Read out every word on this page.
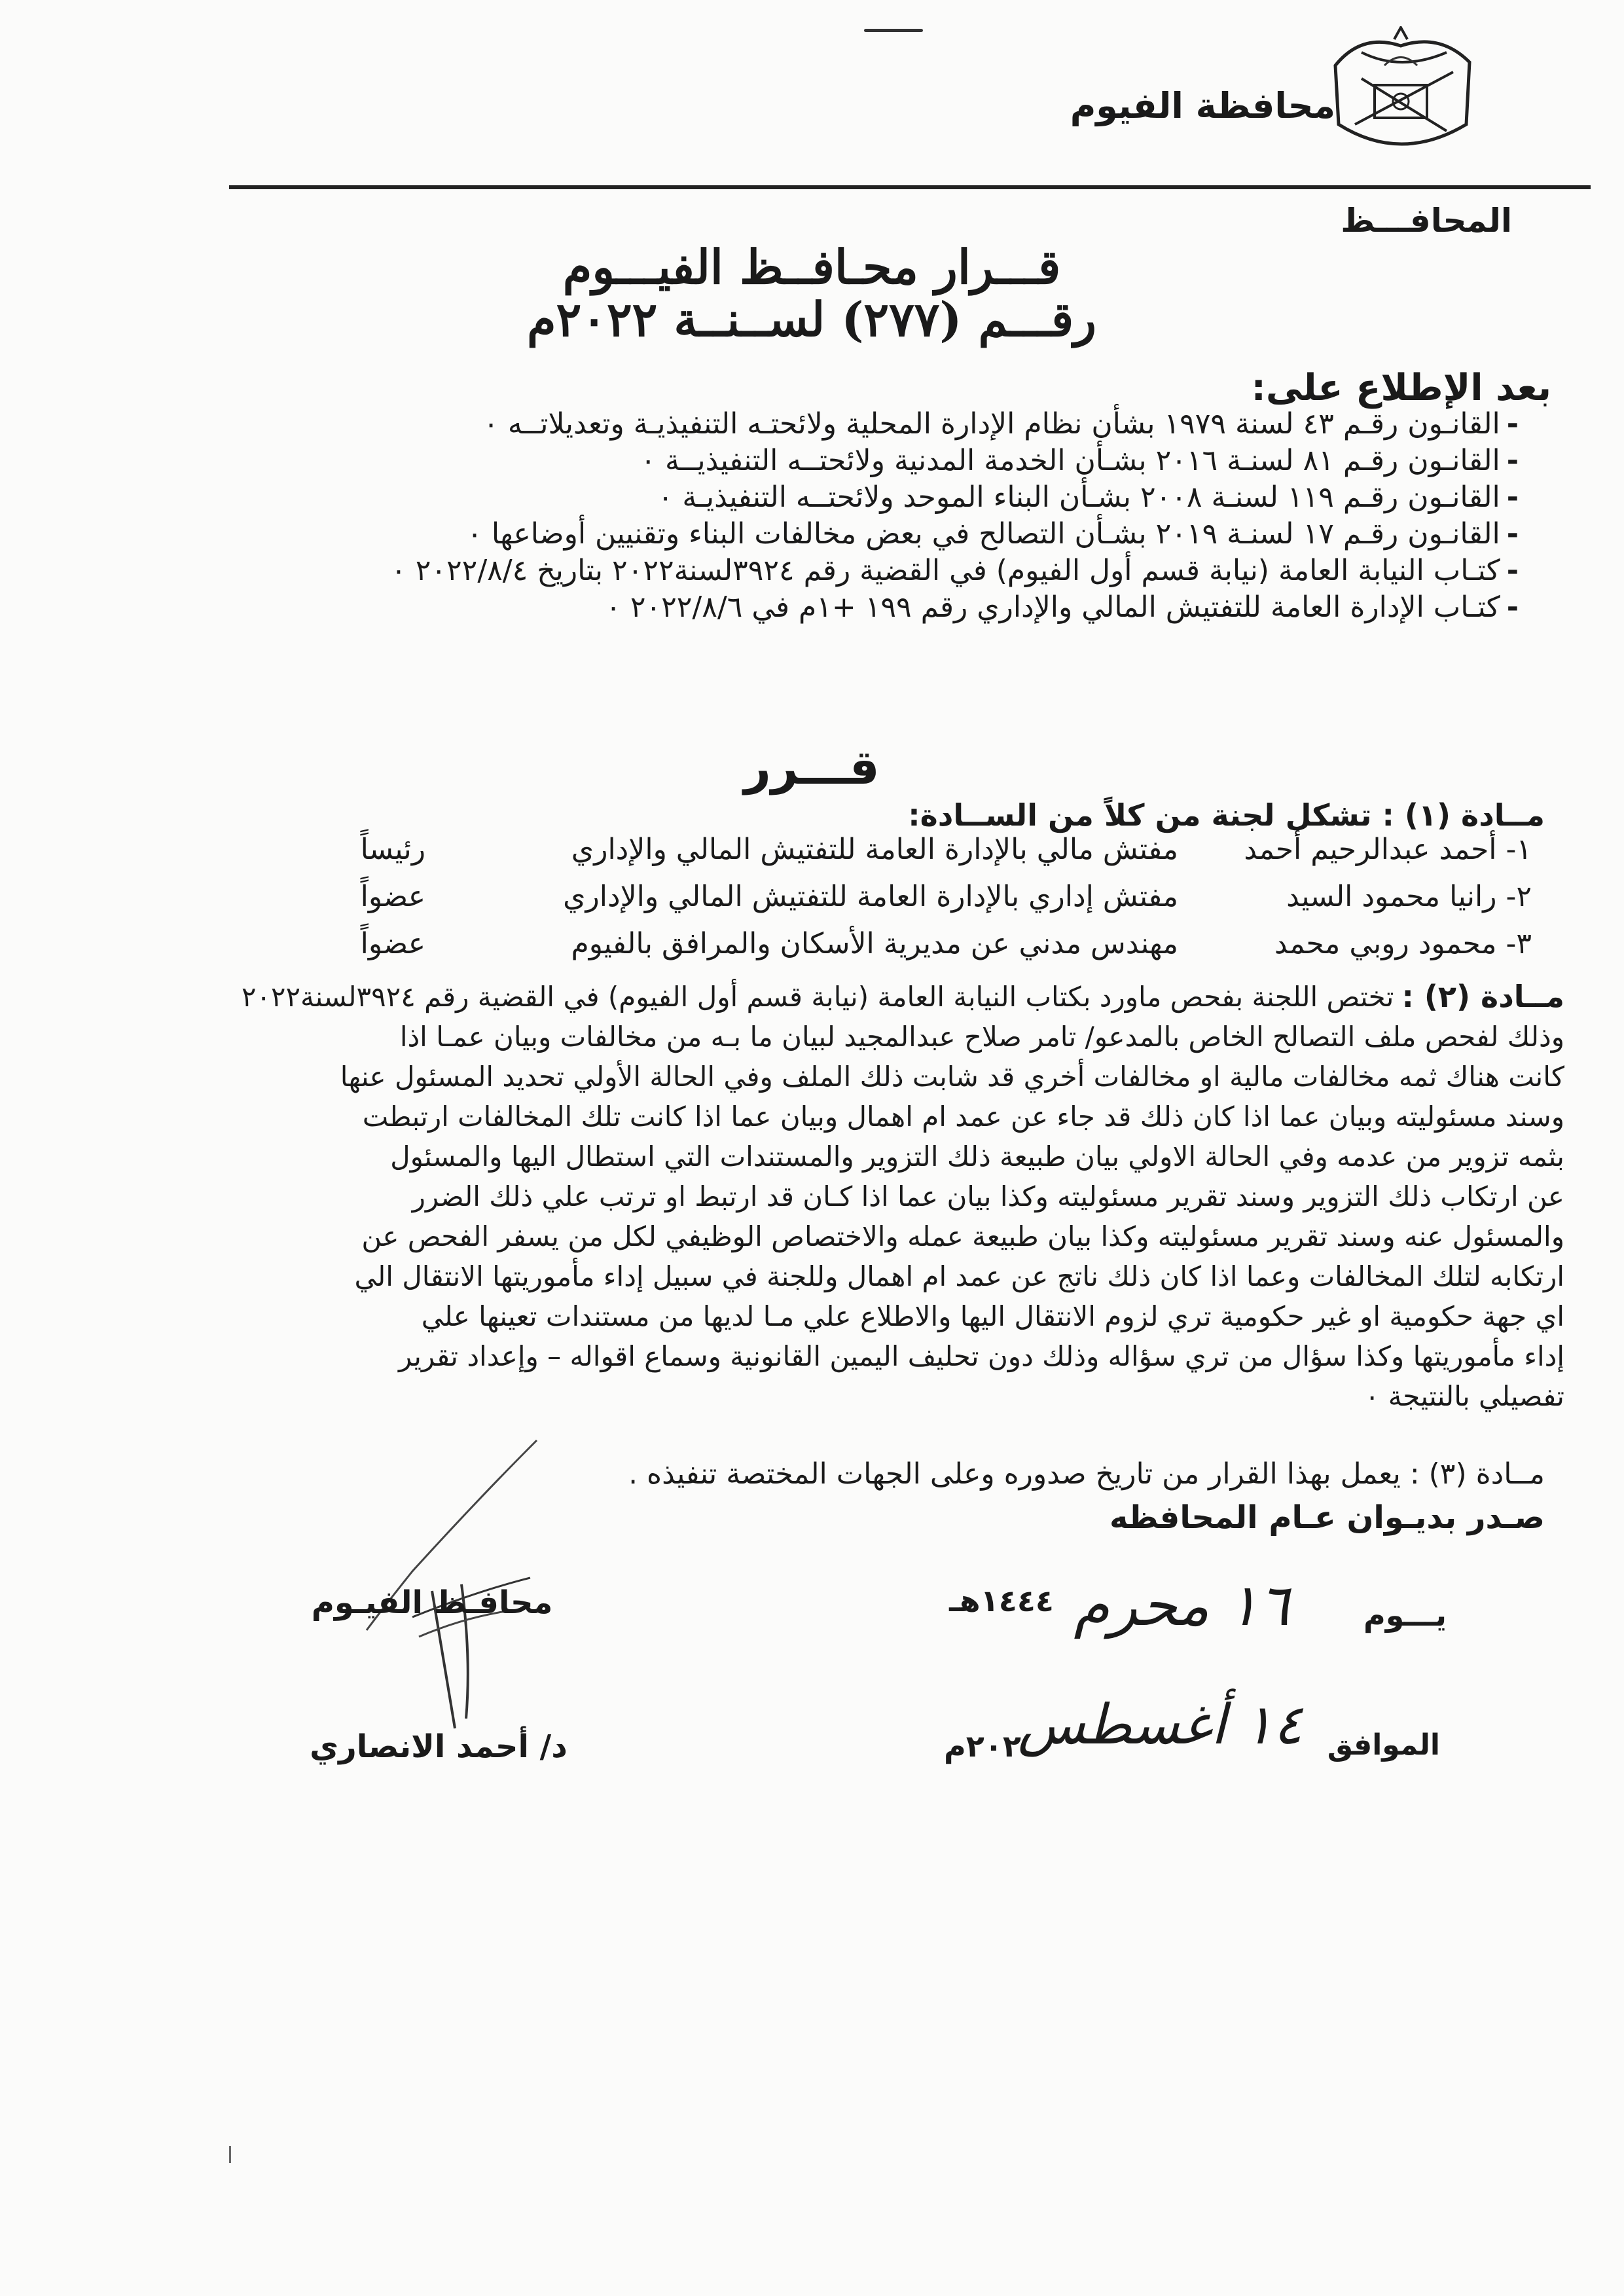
محافظة الفيوم
المحافـــظ
قـــرار محـافــظ الفيـــوم
رقـــم (٢٧٧) لســنــة ٢٠٢٢م
بعد الإطلاع على:
-القانـون رقـم ٤٣ لسنة ١٩٧٩ بشأن نظام الإدارة المحلية ولائحتـه التنفيذيـة وتعديلاتــه ٠
-القانـون رقـم ٨١ لسنـة ٢٠١٦ بشـأن الخدمة المدنية ولائحتــه التنفيذيــة ٠
-القانـون رقـم ١١٩ لسنـة ٢٠٠٨ بشـأن البناء الموحد ولائحتــه التنفيذيـة ٠
-القانـون رقـم ١٧ لسنـة ٢٠١٩ بشـأن التصالح في بعض مخالفات البناء وتقنيين أوضاعها ٠
-كتـاب النيابة العامة (نيابة قسم أول الفيوم) في القضية رقم ٣٩٢٤لسنة٢٠٢٢ بتاريخ ٢٠٢٢/٨/٤ ٠
-كتـاب الإدارة العامة للتفتيش المالي والإداري رقم ١٩٩ +١م في ٢٠٢٢/٨/٦ ٠
قـــرر
مــادة (١) : تشكل لجنة من كلاً من الســادة:
١- أحمد عبدالرحيم أحمد
مفتش مالي بالإدارة العامة للتفتيش المالي والإداري
رئيساً
٢- رانيا محمود السيد
مفتش إداري بالإدارة العامة للتفتيش المالي والإداري
عضواً
٣- محمود روبي محمد
مهندس مدني عن مديرية الأسكان والمرافق بالفيوم
عضواً
مــادة (٢) :
تختص اللجنة بفحص ماورد بكتاب النيابة العامة (نيابة قسم أول الفيوم) في القضية رقم ٣٩٢٤لسنة٢٠٢٢
وذلك لفحص ملف التصالح الخاص بالمدعو/ تامر صلاح عبدالمجيد لبيان ما بـه من مخالفات وبيان عمـا اذا
كانت هناك ثمه مخالفات مالية او مخالفات أخري قد شابت ذلك الملف وفي الحالة الأولي تحديد المسئول عنها
وسند مسئوليته وبيان عما اذا كان ذلك قد جاء عن عمد ام اهمال وبيان عما اذا كانت تلك المخالفات ارتبطت
بثمه تزوير من عدمه وفي الحالة الاولي بيان طبيعة ذلك التزوير والمستندات التي استطال اليها والمسئول
عن ارتكاب ذلك التزوير وسند تقرير مسئوليته وكذا بيان عما اذا كـان قد ارتبط او ترتب علي ذلك الضرر
والمسئول عنه وسند تقرير مسئوليته وكذا بيان طبيعة عمله والاختصاص الوظيفي لكل من يسفر الفحص عن
ارتكابه لتلك المخالفات وعما اذا كان ذلك ناتج عن عمد ام اهمال وللجنة في سبيل إداء مأموريتها الانتقال الي
اي جهة حكومية او غير حكومية تري لزوم الانتقال اليها والاطلاع علي مـا لديها من مستندات تعينها علي
إداء مأموريتها وكذا سؤال من تري سؤاله وذلك دون تحليف اليمين القانونية وسماع اقواله – وإعداد تقرير
تفصيلي بالنتيجة ٠
مــادة (٣) : يعمل بهذا القرار من تاريخ صدوره وعلى الجهات المختصة تنفيذه .
صـدر بديـوان عـام المحافظه
محافـظ الفيـوم
د/ أحمد الانصاري
يـــوم
١٦ محرم
١٤٤٤هـ
الموافق
١٤ أغسطس
٢٠٢م
